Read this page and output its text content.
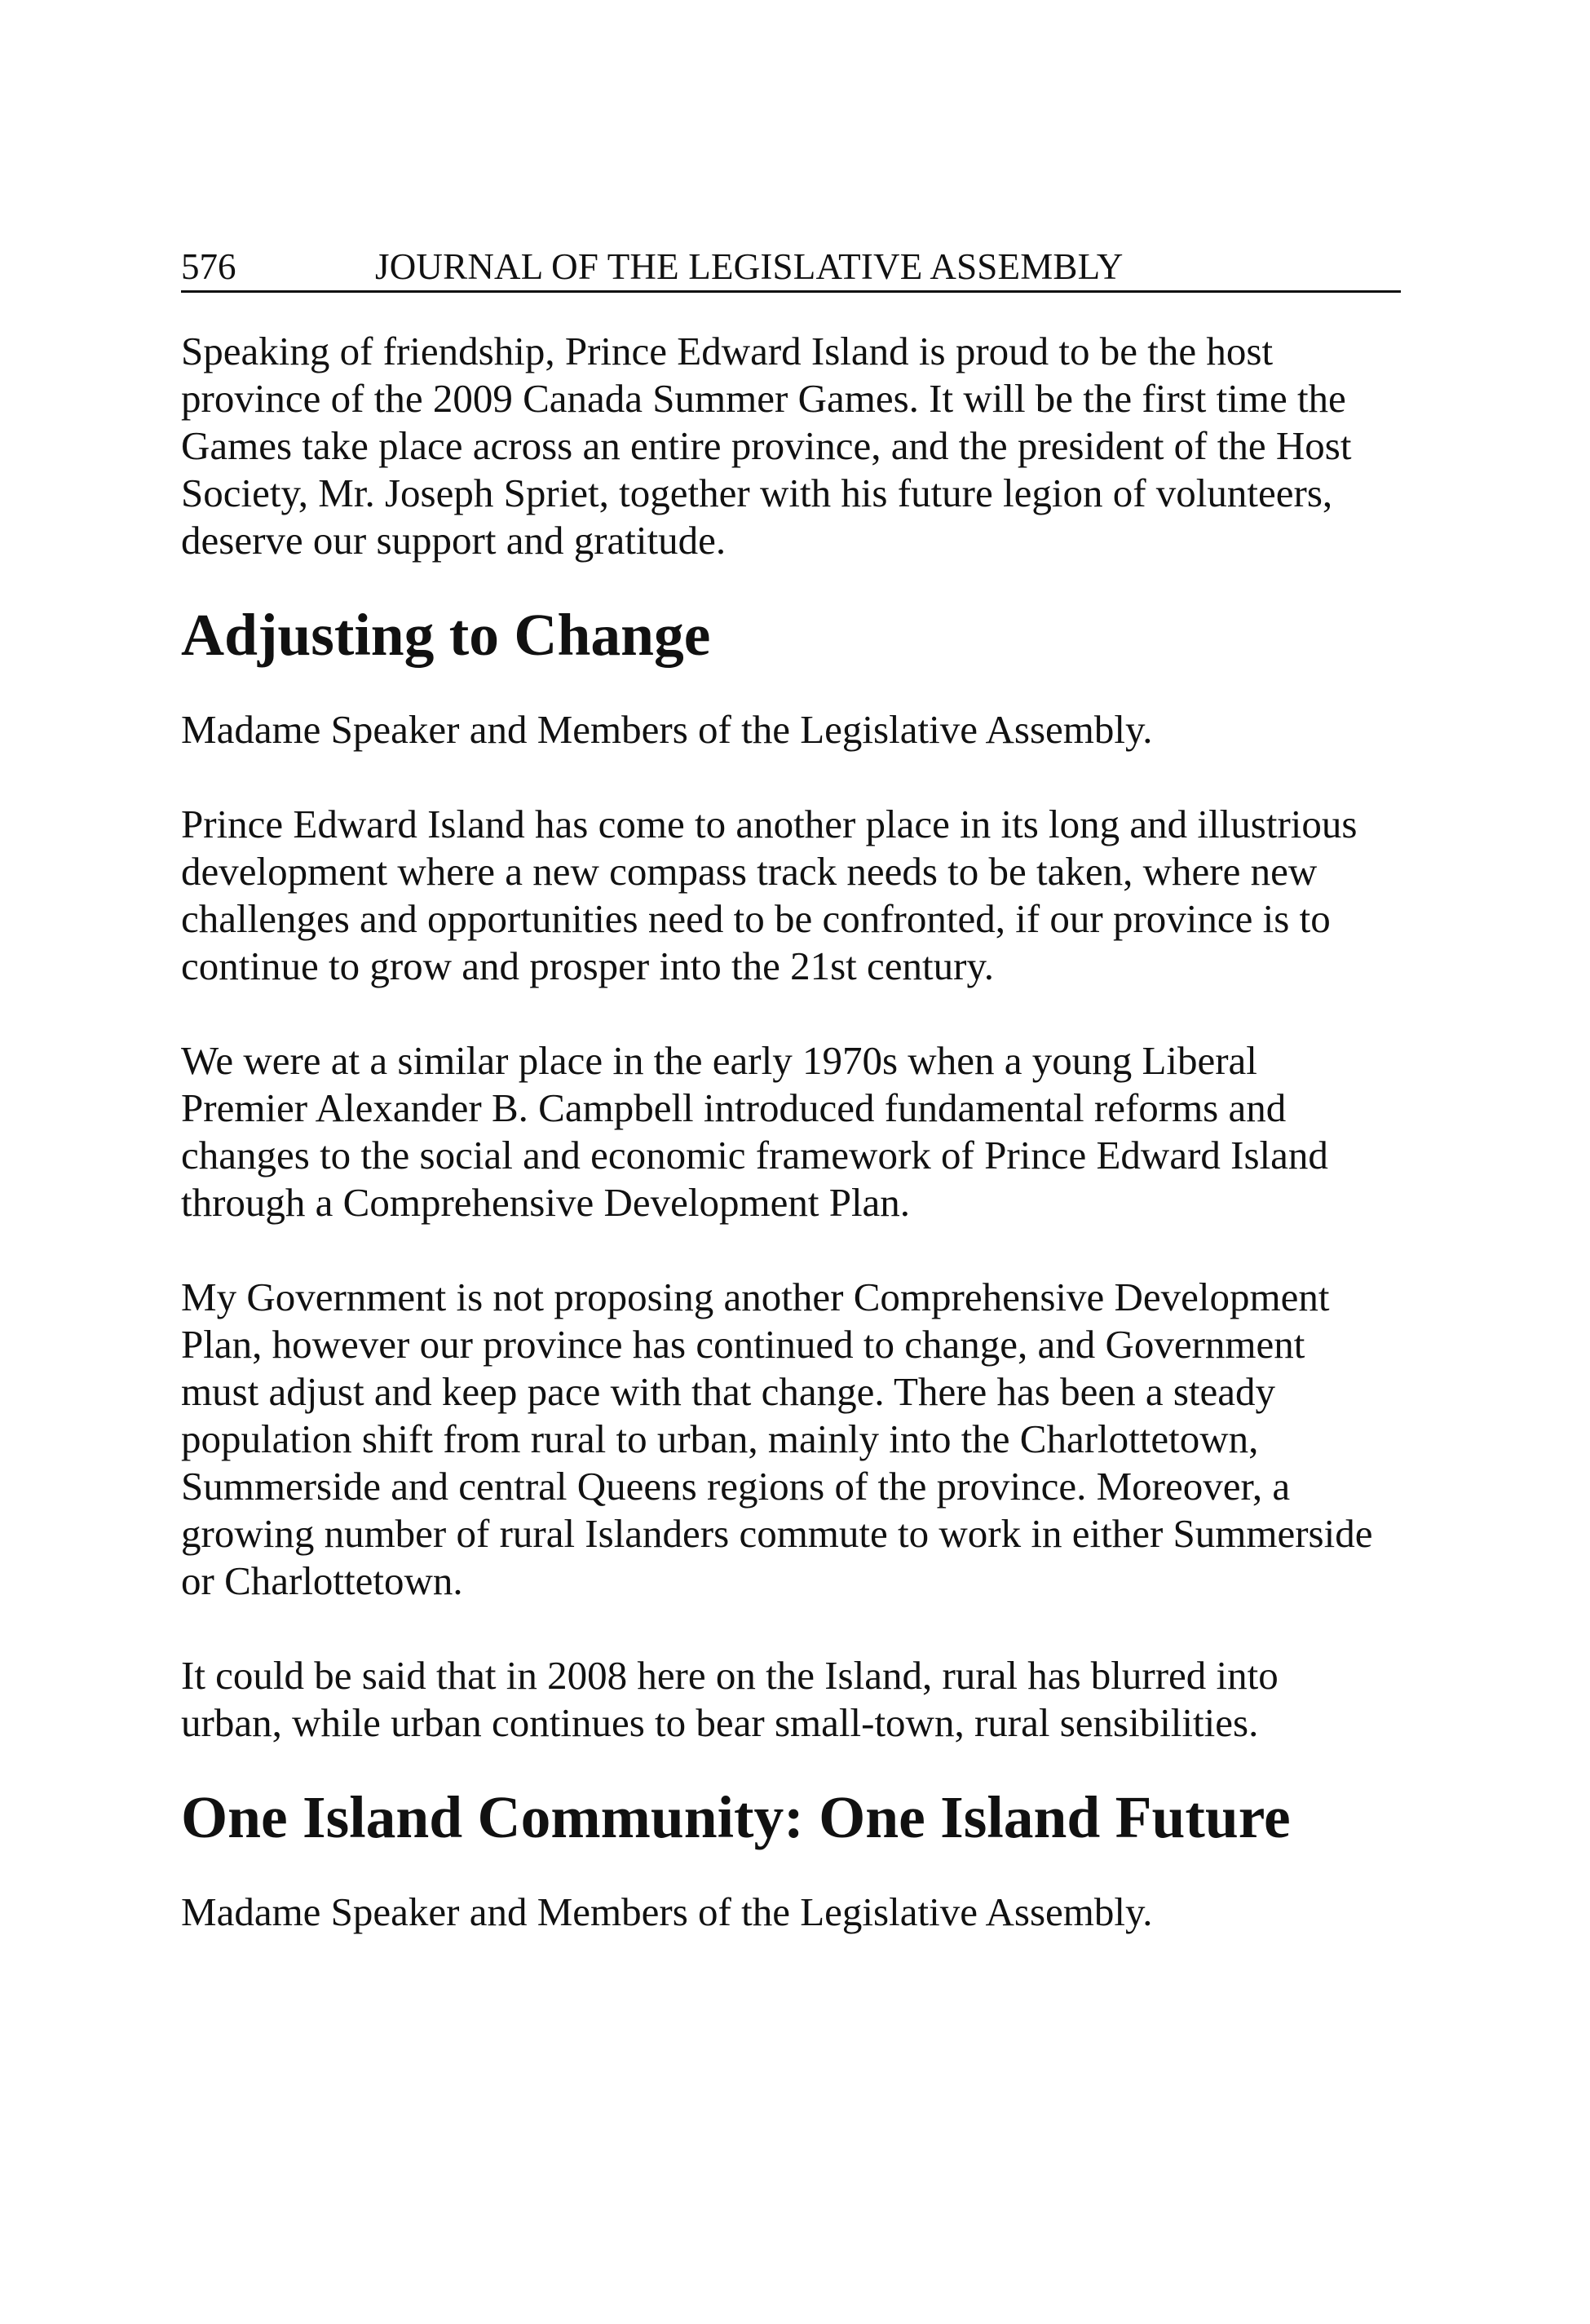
576	JOURNAL OF THE LEGISLATIVE ASSEMBLY

Speaking of friendship, Prince Edward Island is proud to be the host
province of the 2009 Canada Summer Games. It will be the first time the
Games take place across an entire province, and the president of the Host
Society, Mr. Joseph Spriet, together with his future legion of volunteers,
deserve our support and gratitude.

Adjusting to Change

Madame Speaker and Members of the Legislative Assembly.

Prince Edward Island has come to another place in its long and illustrious
development where a new compass track needs to be taken, where new
challenges and opportunities need to be confronted, if our province is to
continue to grow and prosper into the 21st century.

We were at a similar place in the early 1970s when a young Liberal
Premier Alexander B. Campbell introduced fundamental reforms and
changes to the social and economic framework of Prince Edward Island
through a Comprehensive Development Plan.

My Government is not proposing another Comprehensive Development
Plan, however our province has continued to change, and Government
must adjust and keep pace with that change. There has been a steady
population shift from rural to urban, mainly into the Charlottetown,
Summerside and central Queens regions of the province. Moreover, a
growing number of rural Islanders commute to work in either Summerside
or Charlottetown.

It could be said that in 2008 here on the Island, rural has blurred into
urban, while urban continues to bear small-town, rural sensibilities.

One Island Community: One Island Future

Madame Speaker and Members of the Legislative Assembly.
